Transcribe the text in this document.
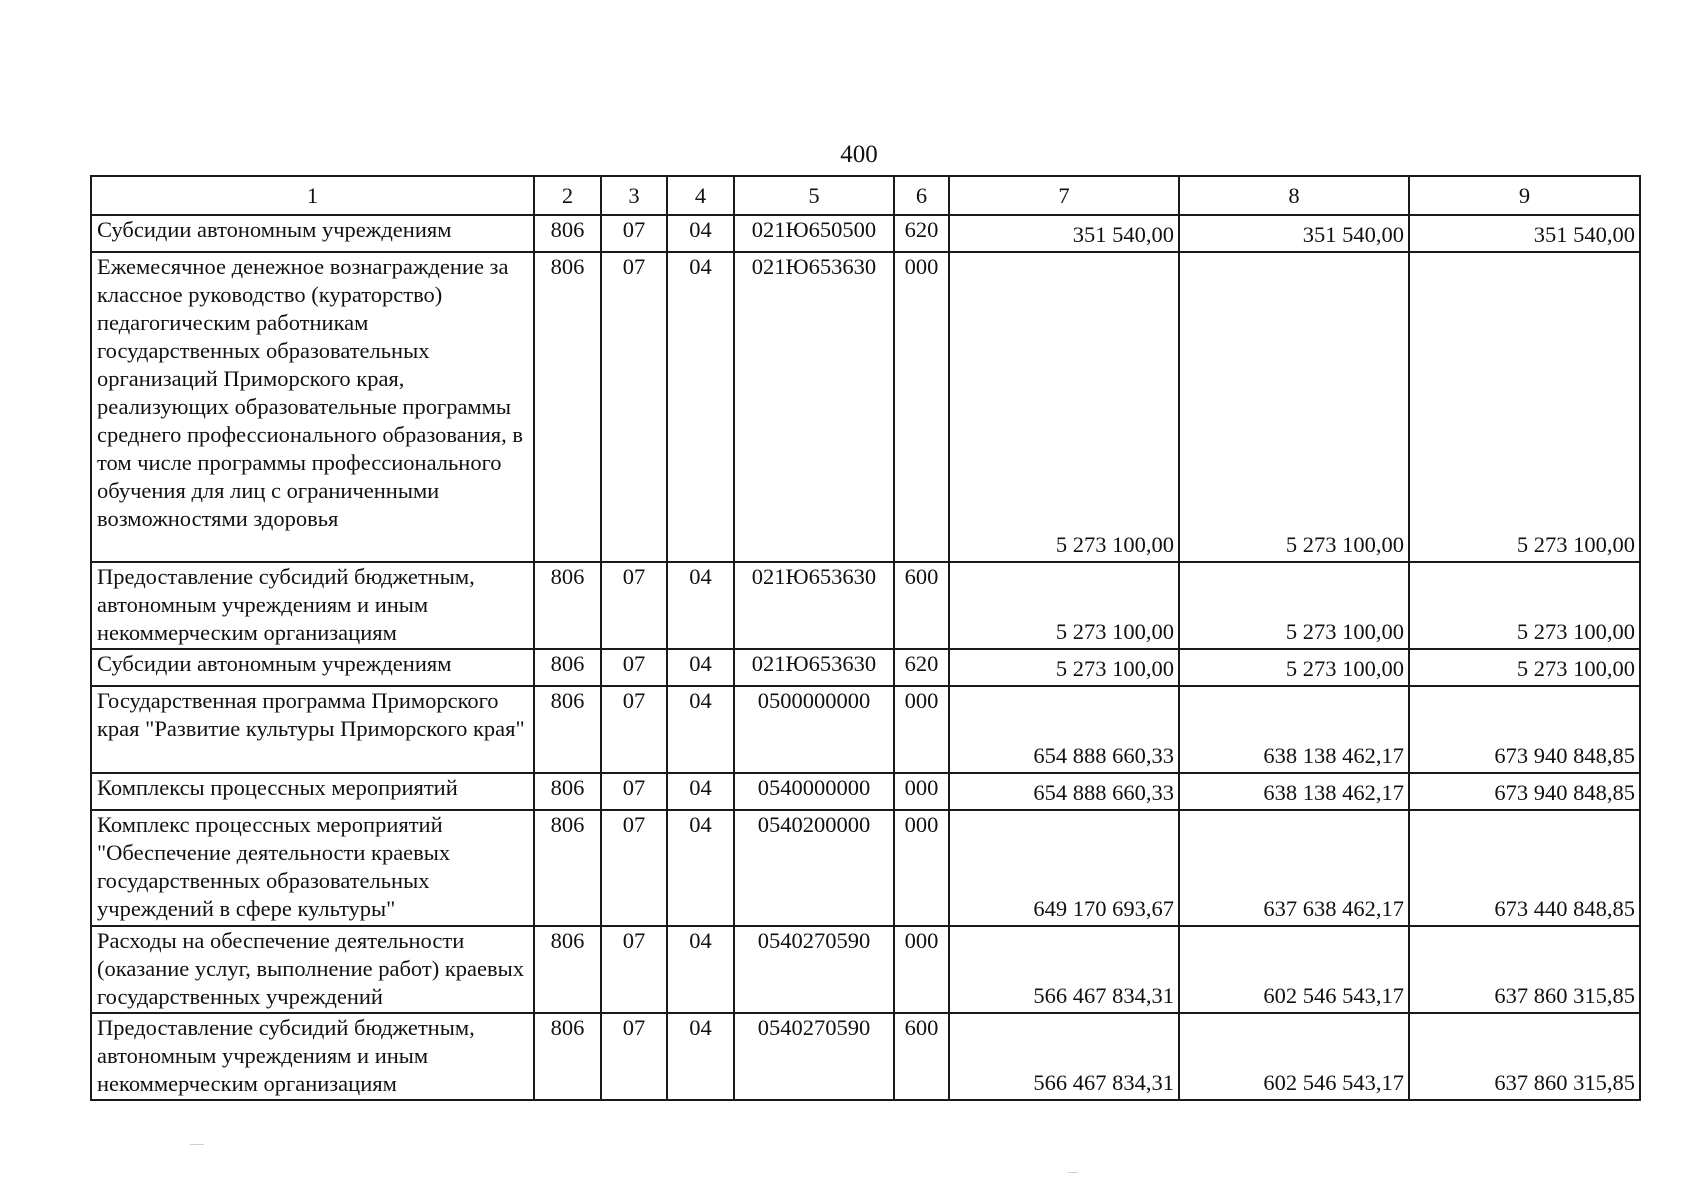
400
1	2	3	4	5	6	7	8	9
Субсидии автономным учреждениям	806	07	04	021Ю650500	620	351 540,00	351 540,00	351 540,00
Ежемесячное денежное вознаграждение за классное руководство (кураторство) педагогическим работникам государственных образовательных организаций Приморского края, реализующих образовательные программы среднего профессионального образования, в том числе программы профессионального обучения для лиц с ограниченными возможностями здоровья	806	07	04	021Ю653630	000	5 273 100,00	5 273 100,00	5 273 100,00
Предоставление субсидий бюджетным, автономным учреждениям и иным некоммерческим организациям	806	07	04	021Ю653630	600	5 273 100,00	5 273 100,00	5 273 100,00
Субсидии автономным учреждениям	806	07	04	021Ю653630	620	5 273 100,00	5 273 100,00	5 273 100,00
Государственная программа Приморского края "Развитие культуры Приморского края"	806	07	04	0500000000	000	654 888 660,33	638 138 462,17	673 940 848,85
Комплексы процессных мероприятий	806	07	04	0540000000	000	654 888 660,33	638 138 462,17	673 940 848,85
Комплекс процессных мероприятий "Обеспечение деятельности краевых государственных образовательных учреждений в сфере культуры"	806	07	04	0540200000	000	649 170 693,67	637 638 462,17	673 440 848,85
Расходы на обеспечение деятельности (оказание услуг, выполнение работ) краевых государственных учреждений	806	07	04	0540270590	000	566 467 834,31	602 546 543,17	637 860 315,85
Предоставление субсидий бюджетным, автономным учреждениям и иным некоммерческим организациям	806	07	04	0540270590	600	566 467 834,31	602 546 543,17	637 860 315,85
